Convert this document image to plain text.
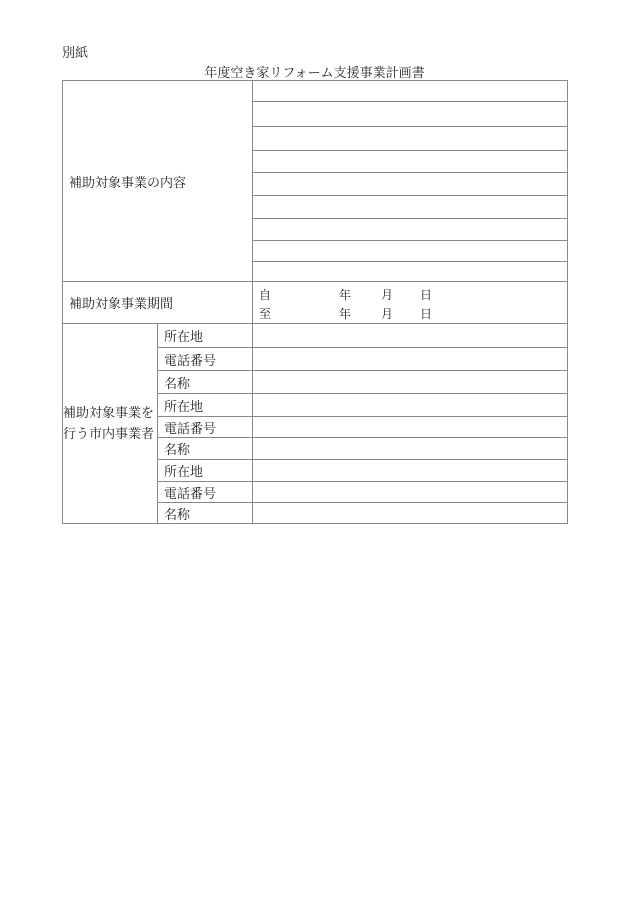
別紙
年度空き家リフォーム支援事業計画書
補助対象事業の内容		

補助対象事業期間	
自	年 月 日
至	年 月 日

補助対象事業を行う市内事業者	所在地	
	電話番号	
	名称	
	所在地	
	電話番号	
	名称	
	所在地	
	電話番号	
	名称	
